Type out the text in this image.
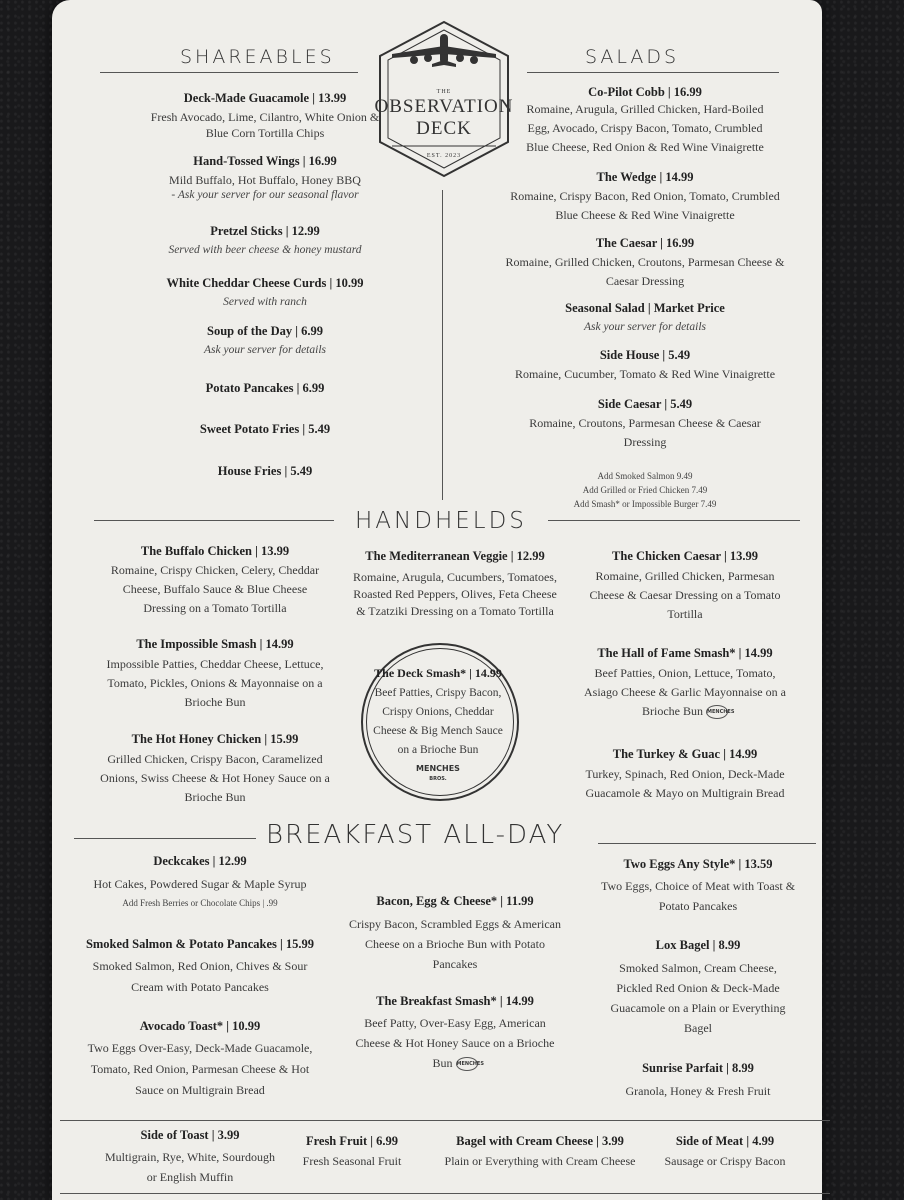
THE
OBSERVATION
DECK
EST. 2023
SHAREABLES	SALADS
Deck-Made Guacamole | 13.99
Fresh Avocado, Lime, Cilantro, White Onion &
Blue Corn Tortilla Chips
Hand-Tossed Wings | 16.99
Mild Buffalo, Hot Buffalo, Honey BBQ
- Ask your server for our seasonal flavor
Pretzel Sticks | 12.99
Served with beer cheese & honey mustard
White Cheddar Cheese Curds | 10.99
Served with ranch
Soup of the Day | 6.99
Ask your server for details
Potato Pancakes | 6.99
Sweet Potato Fries | 5.49
House Fries | 5.49
Co-Pilot Cobb | 16.99
Romaine, Arugula, Grilled Chicken, Hard-Boiled
Egg, Avocado, Crispy Bacon, Tomato, Crumbled
Blue Cheese, Red Onion & Red Wine Vinaigrette
The Wedge | 14.99
Romaine, Crispy Bacon, Red Onion, Tomato, Crumbled
Blue Cheese & Red Wine Vinaigrette
The Caesar | 16.99
Romaine, Grilled Chicken, Croutons, Parmesan Cheese &
Caesar Dressing
Seasonal Salad | Market Price
Ask your server for details
Side House | 5.49
Romaine, Cucumber, Tomato & Red Wine Vinaigrette
Side Caesar | 5.49
Romaine, Croutons, Parmesan Cheese & Caesar
Dressing
Add Smoked Salmon 9.49
Add Grilled or Fried Chicken 7.49
Add Smash* or Impossible Burger 7.49
HANDHELDS
The Buffalo Chicken | 13.99
Romaine, Crispy Chicken, Celery, Cheddar
Cheese, Buffalo Sauce & Blue Cheese
Dressing on a Tomato Tortilla
The Mediterranean Veggie | 12.99
Romaine, Arugula, Cucumbers, Tomatoes,
Roasted Red Peppers, Olives, Feta Cheese
& Tzatziki Dressing on a Tomato Tortilla
The Chicken Caesar | 13.99
Romaine, Grilled Chicken, Parmesan
Cheese & Caesar Dressing on a Tomato
Tortilla
The Impossible Smash | 14.99
Impossible Patties, Cheddar Cheese, Lettuce,
Tomato, Pickles, Onions & Mayonnaise on a
Brioche Bun
The Hall of Fame Smash* | 14.99
Beef Patties, Onion, Lettuce, Tomato,
Asiago Cheese & Garlic Mayonnaise on a
Brioche Bun MENCHES
The Hot Honey Chicken | 15.99
Grilled Chicken, Crispy Bacon, Caramelized
Onions, Swiss Cheese & Hot Honey Sauce on a
Brioche Bun
The Turkey & Guac | 14.99
Turkey, Spinach, Red Onion, Deck-Made
Guacamole & Mayo on Multigrain Bread
The Deck Smash* | 14.99
Beef Patties, Crispy Bacon,
Crispy Onions, Cheddar
Cheese & Big Mench Sauce
on a Brioche Bun
MENCHES
BROS.
BREAKFAST ALL-DAY
Deckcakes | 12.99
Hot Cakes, Powdered Sugar & Maple Syrup
Add Fresh Berries or Chocolate Chips | .99	Bacon, Egg & Cheese* | 11.99
Crispy Bacon, Scrambled Eggs & American
Cheese on a Brioche Bun with Potato
Pancakes
Two Eggs Any Style* | 13.59
Two Eggs, Choice of Meat with Toast &
Potato Pancakes
Smoked Salmon & Potato Pancakes | 15.99
Smoked Salmon, Red Onion, Chives & Sour
Cream with Potato Pancakes
Lox Bagel | 8.99
Smoked Salmon, Cream Cheese,
Pickled Red Onion & Deck-Made
Guacamole on a Plain or Everything
Bagel
The Breakfast Smash* | 14.99
Beef Patty, Over-Easy Egg, American
Cheese & Hot Honey Sauce on a Brioche
Bun MENCHES
Avocado Toast* | 10.99
Two Eggs Over-Easy, Deck-Made Guacamole,
Tomato, Red Onion, Parmesan Cheese & Hot
Sauce on Multigrain Bread
Sunrise Parfait | 8.99
Granola, Honey & Fresh Fruit
Side of Toast | 3.99
Multigrain, Rye, White, Sourdough
or English Muffin
Fresh Fruit | 6.99
Fresh Seasonal Fruit
Bagel with Cream Cheese | 3.99
Plain or Everything with Cream Cheese
Side of Meat | 4.99
Sausage or Crispy Bacon
